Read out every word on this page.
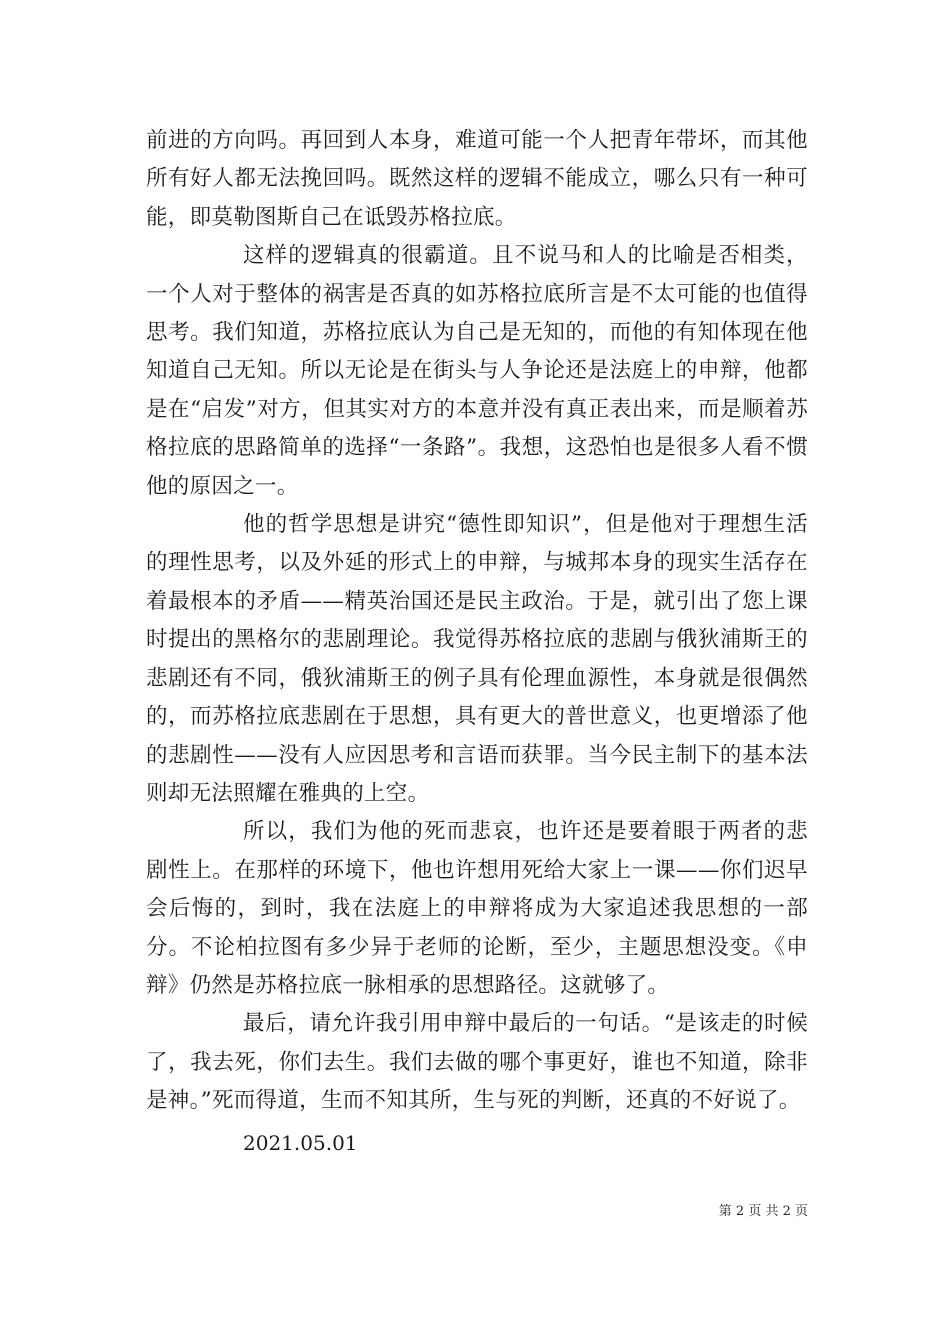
前进的方向吗。再回到人本身，难道可能一个人把青年带坏，而其他所有好人都无法挽回吗。既然这样的逻辑不能成立，哪么只有一种可能，即莫勒图斯自己在诋毁苏格拉底。

这样的逻辑真的很霸道。且不说马和人的比喻是否相类，一个人对于整体的祸害是否真的如苏格拉底所言是不太可能的也值得思考。我们知道，苏格拉底认为自己是无知的，而他的有知体现在他知道自己无知。所以无论是在街头与人争论还是法庭上的申辩，他都是在“启发”对方，但其实对方的本意并没有真正表出来，而是顺着苏格拉底的思路简单的选择“一条路”。我想，这恐怕也是很多人看不惯他的原因之一。

他的哲学思想是讲究“德性即知识”，但是他对于理想生活的理性思考，以及外延的形式上的申辩，与城邦本身的现实生活存在着最根本的矛盾——精英治国还是民主政治。于是，就引出了您上课时提出的黑格尔的悲剧理论。我觉得苏格拉底的悲剧与俄狄浦斯王的悲剧还有不同，俄狄浦斯王的例子具有伦理血源性，本身就是很偶然的，而苏格拉底悲剧在于思想，具有更大的普世意义，也更增添了他的悲剧性——没有人应因思考和言语而获罪。当今民主制下的基本法则却无法照耀在雅典的上空。

所以，我们为他的死而悲哀，也许还是要着眼于两者的悲剧性上。在那样的环境下，他也许想用死给大家上一课——你们迟早会后悔的，到时，我在法庭上的申辩将成为大家追述我思想的一部分。不论柏拉图有多少异于老师的论断，至少，主题思想没变。《申辩》仍然是苏格拉底一脉相承的思想路径。这就够了。

最后，请允许我引用申辩中最后的一句话。“是该走的时候了，我去死，你们去生。我们去做的哪个事更好，谁也不知道，除非是神。”死而得道，生而不知其所，生与死的判断，还真的不好说了。

2021.05.01

第 2 页 共 2 页
